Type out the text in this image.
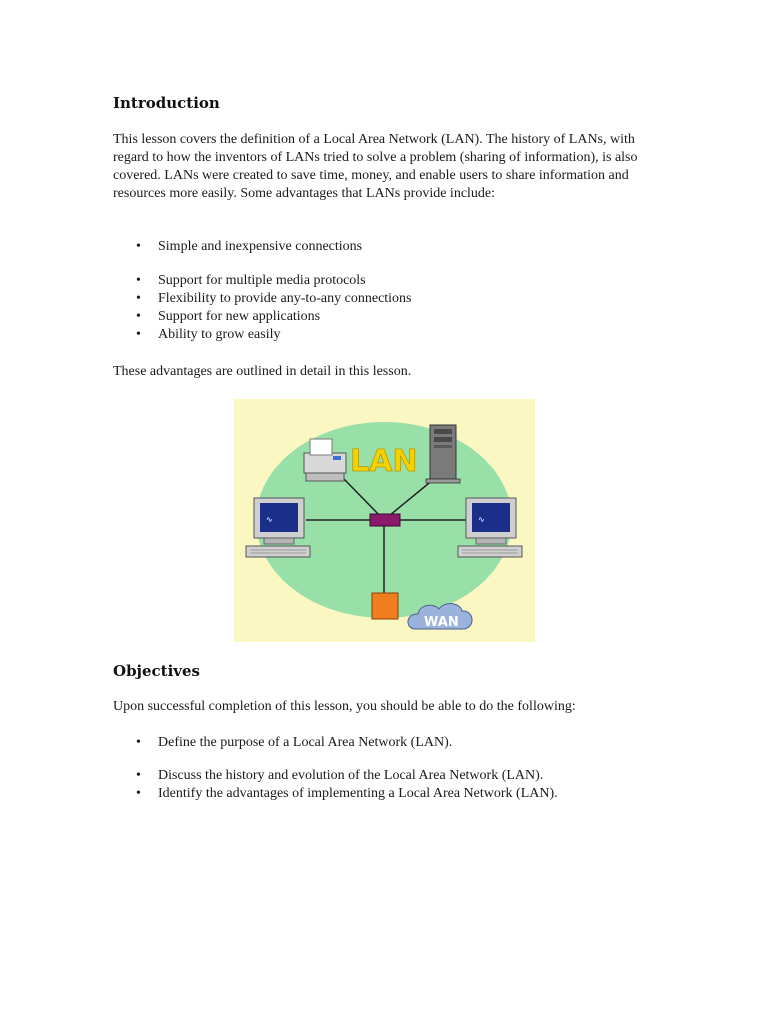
Introduction

This lesson covers the definition of a Local Area Network (LAN). The history of LANs, with regard to how the inventors of LANs tried to solve a problem (sharing of information), is also covered. LANs were created to save time, money, and enable users to share information and resources more easily. Some advantages that LANs provide include:

• Simple and inexpensive connections
• Support for multiple media protocols
• Flexibility to provide any-to-any connections
• Support for new applications
• Ability to grow easily

These advantages are outlined in detail in this lesson.

Objectives

Upon successful completion of this lesson, you should be able to do the following:

• Define the purpose of a Local Area Network (LAN).
• Discuss the history and evolution of the Local Area Network (LAN).
• Identify the advantages of implementing a Local Area Network (LAN).
LAN
∿	∿
WAN
